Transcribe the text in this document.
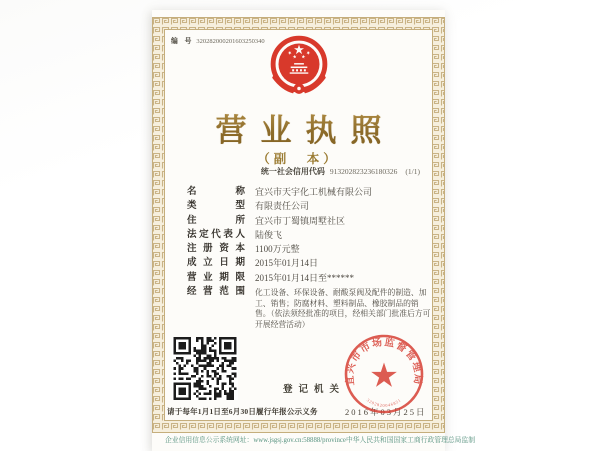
编　号 320282000201603250340
营业执照
（副　本）
统一社会信用代码 913202823236180326 (1/1)
名	称 宜兴市天宇化工机械有限公司
类	型 有限责任公司
住	所 宜兴市丁蜀镇周墅社区
法 定 代 表 人 陆俊飞
注 册 资 本 1100万元整
成 立 日 期 2015年01月14日
营 业 期 限 2015年01月14日至******
经 营 范 围 化工设备、环保设备、耐酸泵阀及配件的制造、加工、销售；防腐材料、塑料制品、橡胶制品的销售。（依法须经批准的项目，经相关部门批准后方可开展经营活动）
登记机关
请于每年1月1日至6月30日履行年报公示义务	2016年03月25日
宜兴市市场监督管理局
3202820046821
企业信用信息公示系统网址：www.jsgsj.gov.cn:58888/province 中华人民共和国国家工商行政管理总局监制
